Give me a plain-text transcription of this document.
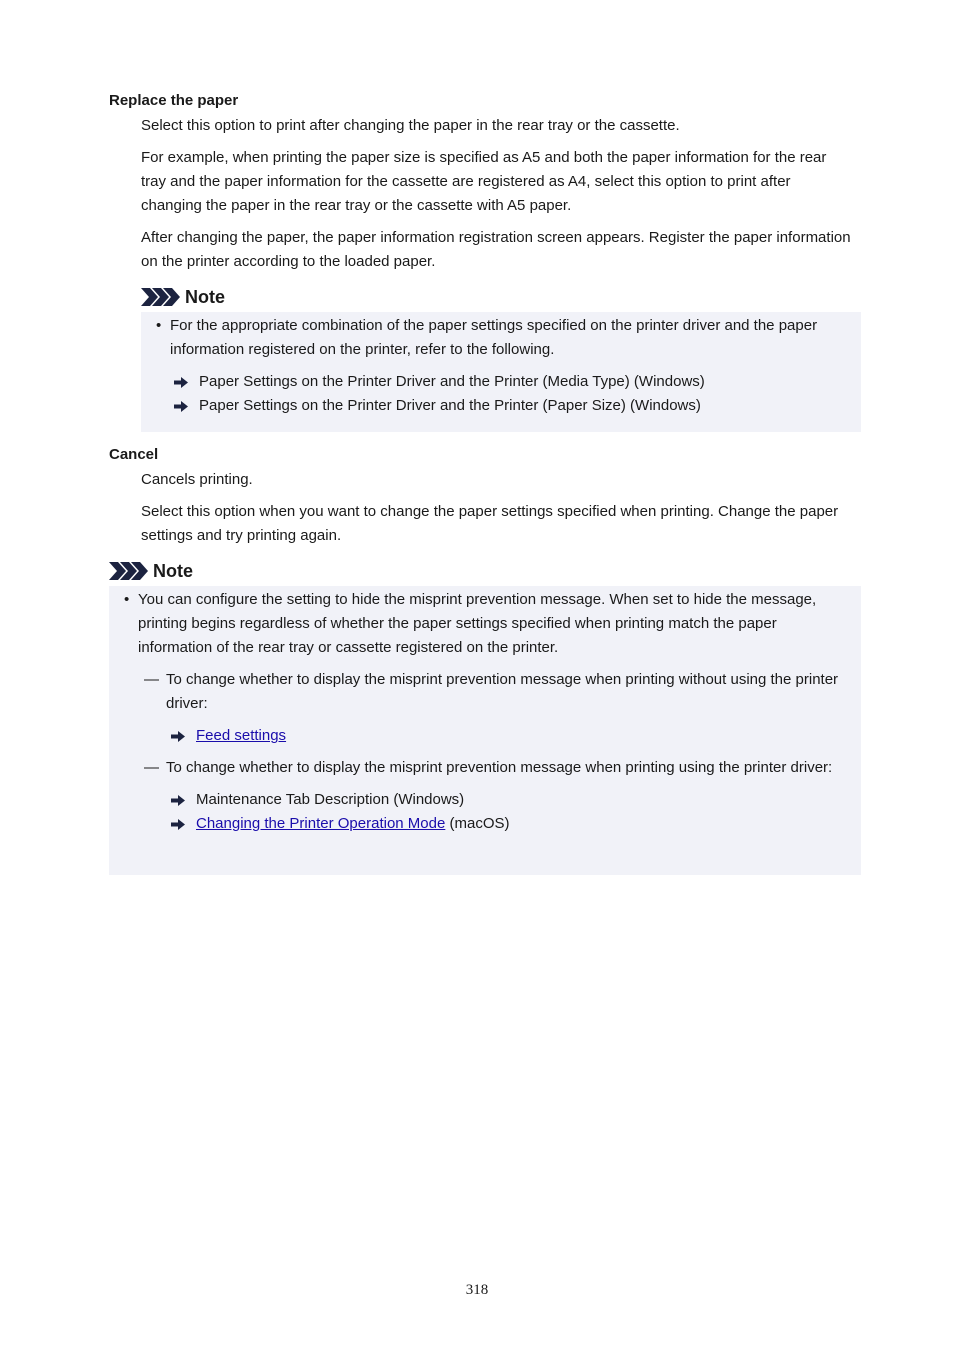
Replace the paper

Select this option to print after changing the paper in the rear tray or the cassette.

For example, when printing the paper size is specified as A5 and both the paper information for the rear tray and the paper information for the cassette are registered as A4, select this option to print after changing the paper in the rear tray or the cassette with A5 paper.

After changing the paper, the paper information registration screen appears. Register the paper information on the printer according to the loaded paper.

Note
• For the appropriate combination of the paper settings specified on the printer driver and the paper information registered on the printer, refer to the following.
Paper Settings on the Printer Driver and the Printer (Media Type) (Windows)
Paper Settings on the Printer Driver and the Printer (Paper Size) (Windows)
Cancel

Cancels printing.

Select this option when you want to change the paper settings specified when printing. Change the paper settings and try printing again.

Note
• You can configure the setting to hide the misprint prevention message. When set to hide the message, printing begins regardless of whether the paper settings specified when printing match the paper information of the rear tray or cassette registered on the printer.
— To change whether to display the misprint prevention message when printing without using the printer driver:
Feed settings
— To change whether to display the misprint prevention message when printing using the printer driver:
Maintenance Tab Description (Windows)
Changing the Printer Operation Mode (macOS)
318
